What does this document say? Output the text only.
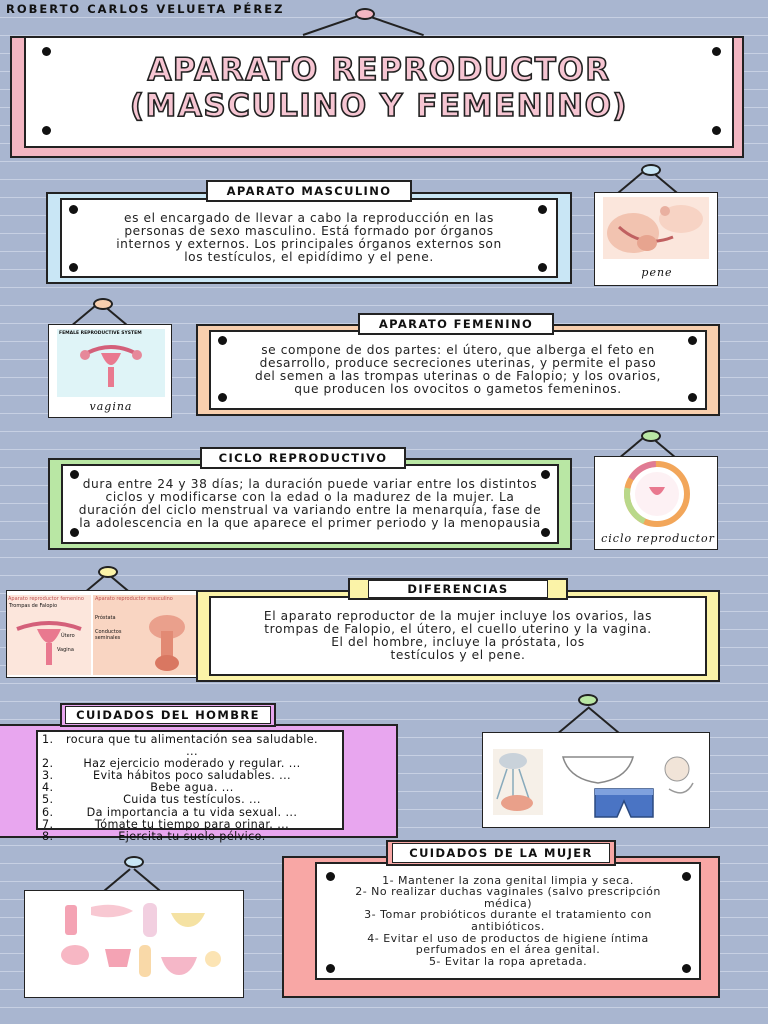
ROBERTO CARLOS VELUETA PÉREZ
APARATO REPRODUCTOR
(MASCULINO Y FEMENINO)

es el encargado de llevar a cabo la reproducción en las personas de sexo masculino. Está formado por órganos internos y externos. Los principales órganos externos son los testículos, el epidídimo y el pene.

APARATO MASCULINO
pene
FEMALE REPRODUCTIVE SYSTEM
vagina

se compone de dos partes: el útero, que alberga el feto en desarrollo, produce secreciones uterinas, y permite el paso del semen a las trompas uterinas o de Falopio; y los ovarios, que producen los ovocitos o gametos femeninos.

APARATO FEMENINO

dura entre 24 y 38 días; la duración puede variar entre los distintos ciclos y modificarse con la edad o la madurez de la mujer. La duración del ciclo menstrual va variando entre la menarquía, fase de la adolescencia en la que aparece el primer periodo y la menopausia

CICLO REPRODUCTIVO
ciclo reproductor
Aparato reproductor femenino
Trompas de Falopio
Útero
Vagina
Aparato reproductor masculino
Próstata
Conductos seminales

El aparato reproductor de la mujer incluye los ovarios, las trompas de Falopio, el útero, el cuello uterino y la vagina.

El del hombre, incluye la próstata, los testículos y el pene.

DIFERENCIAS
1.	rocura que tu alimentación sea saludable. ...
2.	Haz ejercicio moderado y regular. ...
3.	Evita hábitos poco saludables. ...
4.	Bebe agua. ...
5.	Cuida tus testículos. ...
6.	Da importancia a tu vida sexual. ...
7.	Tómate tu tiempo para orinar. ...
8.	Ejercita tu suelo pélvico.
CUIDADOS DEL HOMBRE

1- Mantener la zona genital limpia y seca.

2- No realizar duchas vaginales (salvo prescripción médica)

3- Tomar probióticos durante el tratamiento con antibióticos.

4- Evitar el uso de productos de higiene íntima perfumados en el área genital.

5- Evitar la ropa apretada.

CUIDADOS DE LA MUJER
